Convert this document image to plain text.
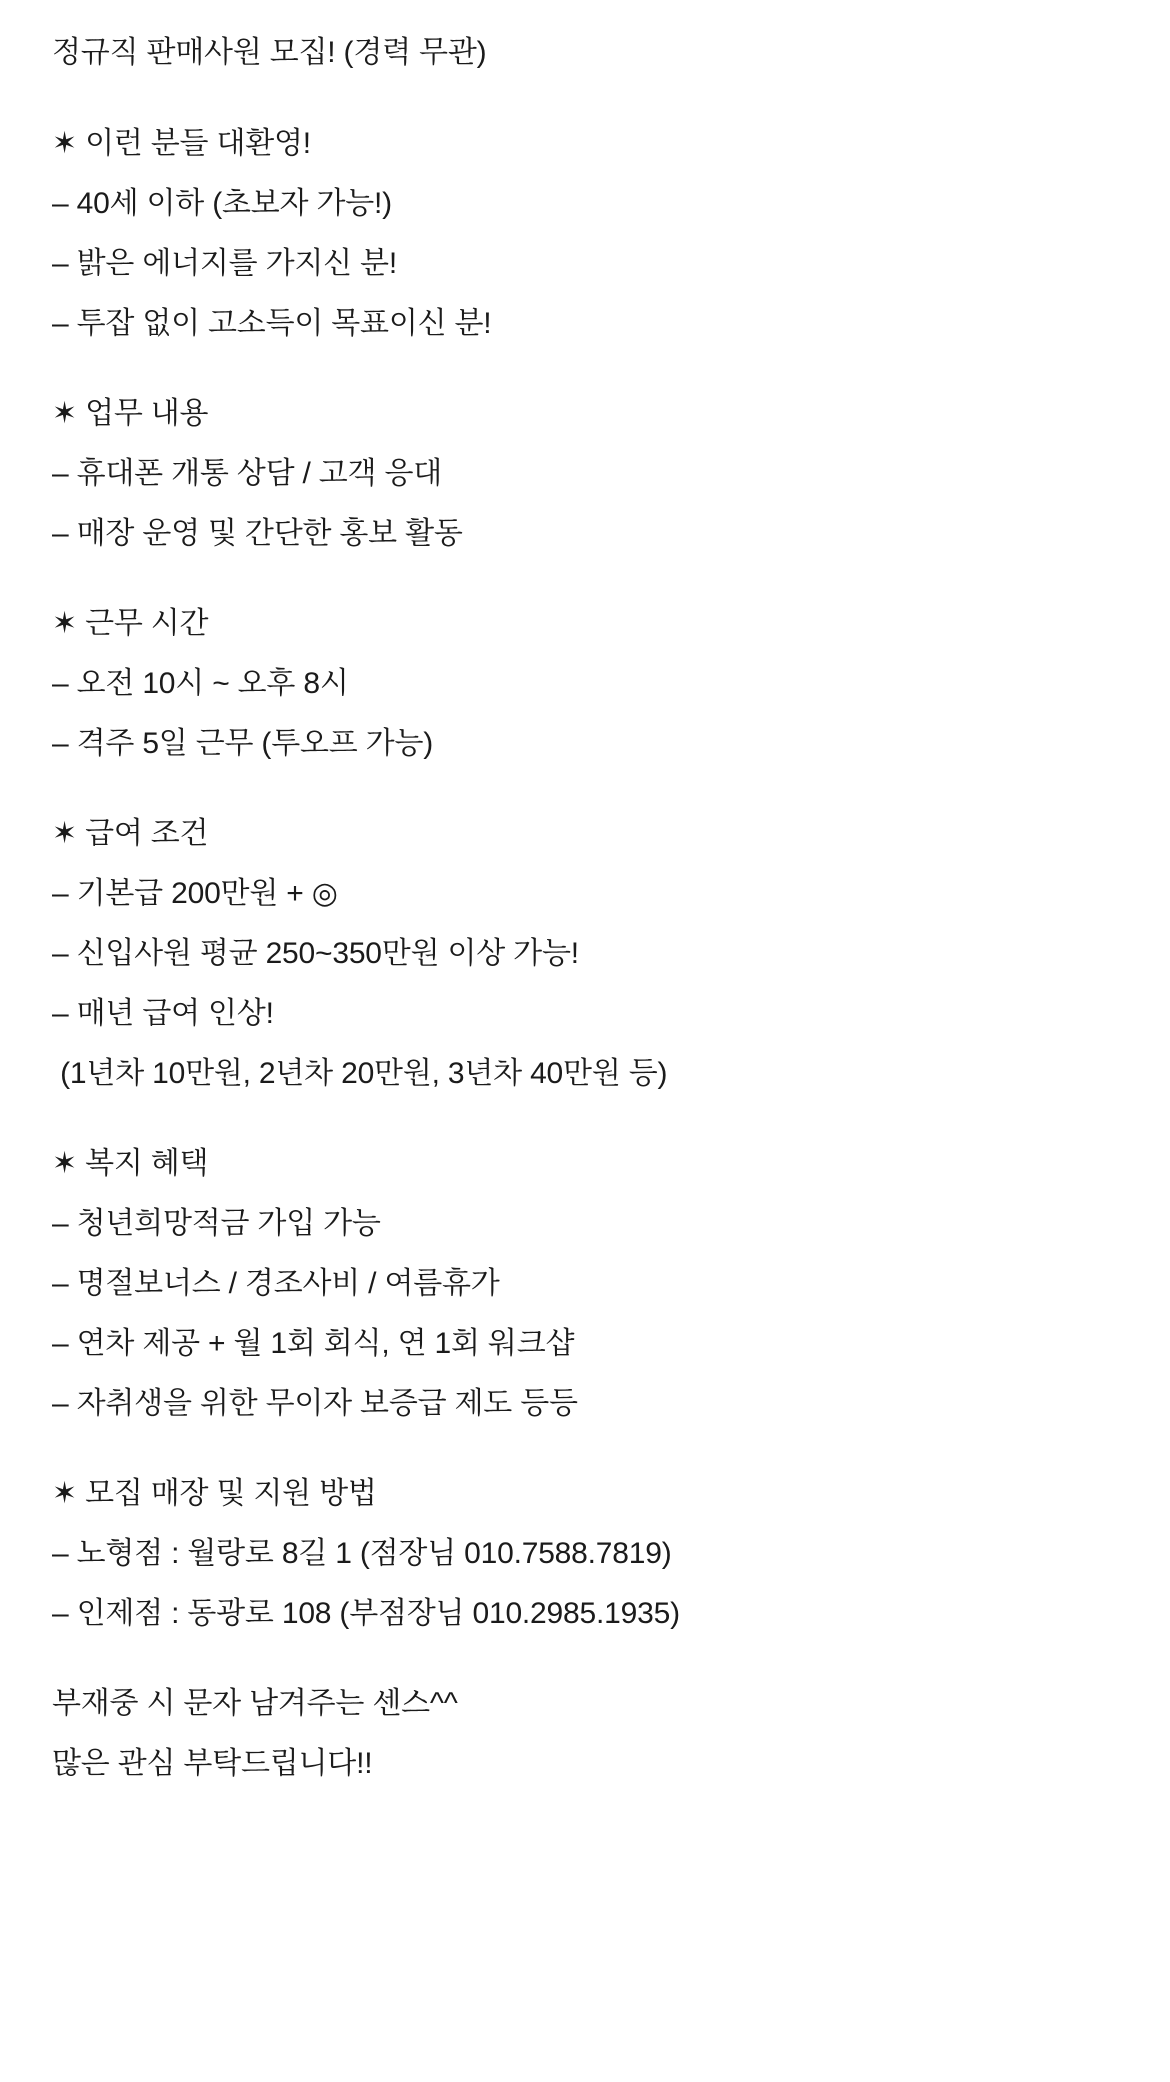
정규직 판매사원 모집! (경력 무관)
✶ 이런 분들 대환영!
– 40세 이하 (초보자 가능!)
– 밝은 에너지를 가지신 분!
– 투잡 없이 고소득이 목표이신 분!
✶ 업무 내용
– 휴대폰 개통 상담 / 고객 응대
– 매장 운영 및 간단한 홍보 활동
✶ 근무 시간
– 오전 10시 ~ 오후 8시
– 격주 5일 근무 (투오프 가능)
✶ 급여 조건
– 기본급 200만원 + ◎
– 신입사원 평균 250~350만원 이상 가능!
– 매년 급여 인상!
(1년차 10만원, 2년차 20만원, 3년차 40만원 등)
✶ 복지 혜택
– 청년희망적금 가입 가능
– 명절보너스 / 경조사비 / 여름휴가
– 연차 제공 + 월 1회 회식, 연 1회 워크샵
– 자취생을 위한 무이자 보증급 제도 등등
✶ 모집 매장 및 지원 방법
– 노형점 : 월랑로 8길 1 (점장님 010.7588.7819)
– 인제점 : 동광로 108 (부점장님 010.2985.1935)
부재중 시 문자 남겨주는 센스^^
많은 관심 부탁드립니다!!
